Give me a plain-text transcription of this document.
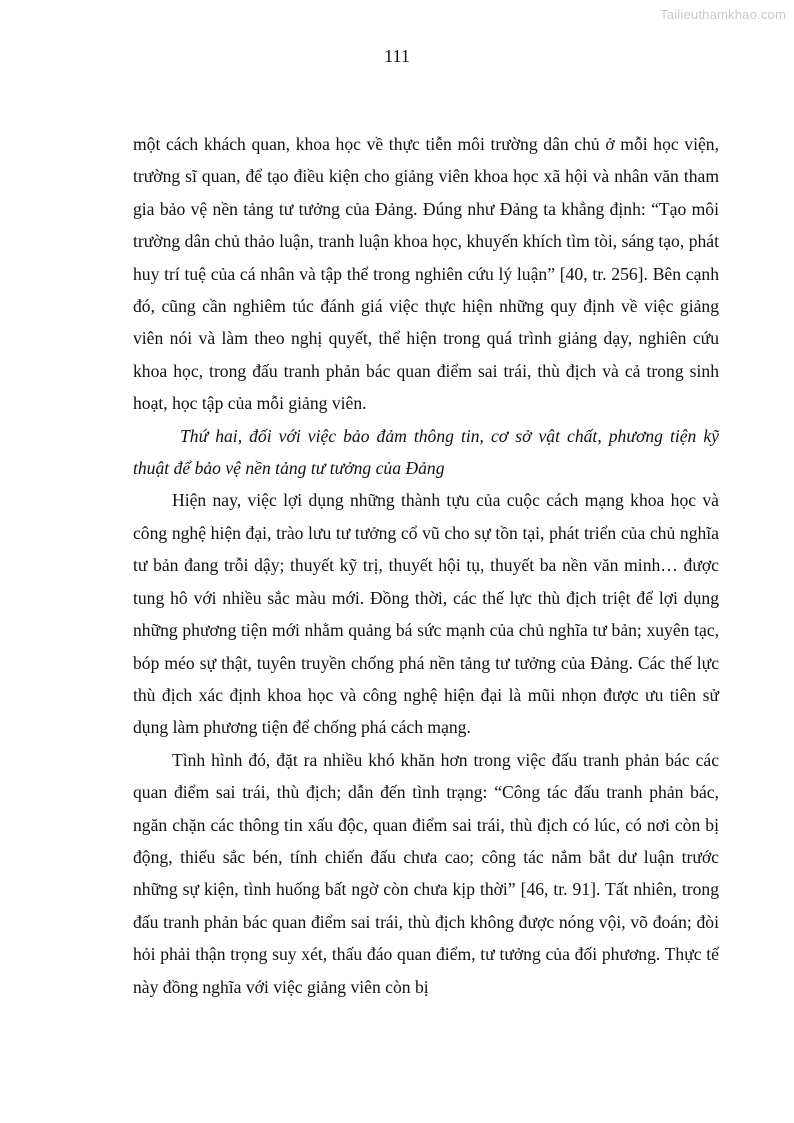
Tailieuthamkhao.com
111

một cách khách quan, khoa học về thực tiễn môi trường dân chủ ở mỗi học viện, trường sĩ quan, để tạo điều kiện cho giảng viên khoa học xã hội và nhân văn tham gia bảo vệ nền tảng tư tưởng của Đảng. Đúng như Đảng ta khẳng định: “Tạo môi trường dân chủ thảo luận, tranh luận khoa học, khuyến khích tìm tòi, sáng tạo, phát huy trí tuệ của cá nhân và tập thể trong nghiên cứu lý luận” [40, tr. 256]. Bên cạnh đó, cũng cần nghiêm túc đánh giá việc thực hiện những quy định về việc giảng viên nói và làm theo nghị quyết, thể hiện trong quá trình giảng dạy, nghiên cứu khoa học, trong đấu tranh phản bác quan điểm sai trái, thù địch và cả trong sinh hoạt, học tập của mỗi giảng viên.

Thứ hai, đối với việc bảo đảm thông tin, cơ sở vật chất, phương tiện kỹ thuật để bảo vệ nền tảng tư tưởng của Đảng

Hiện nay, việc lợi dụng những thành tựu của cuộc cách mạng khoa học và công nghệ hiện đại, trào lưu tư tưởng cổ vũ cho sự tồn tại, phát triển của chủ nghĩa tư bản đang trỗi dậy; thuyết kỹ trị, thuyết hội tụ, thuyết ba nền văn minh… được tung hô với nhiều sắc màu mới. Đồng thời, các thế lực thù địch triệt để lợi dụng những phương tiện mới nhằm quảng bá sức mạnh của chủ nghĩa tư bản; xuyên tạc, bóp méo sự thật, tuyên truyền chống phá nền tảng tư tưởng của Đảng. Các thế lực thù địch xác định khoa học và công nghệ hiện đại là mũi nhọn được ưu tiên sử dụng làm phương tiện để chống phá cách mạng.

Tình hình đó, đặt ra nhiều khó khăn hơn trong việc đấu tranh phản bác các quan điểm sai trái, thù địch; dẫn đến tình trạng: “Công tác đấu tranh phản bác, ngăn chặn các thông tin xấu độc, quan điểm sai trái, thù địch có lúc, có nơi còn bị động, thiếu sắc bén, tính chiến đấu chưa cao; công tác nắm bắt dư luận trước những sự kiện, tình huống bất ngờ còn chưa kịp thời” [46, tr. 91]. Tất nhiên, trong đấu tranh phản bác quan điểm sai trái, thù địch không được nóng vội, võ đoán; đòi hỏi phải thận trọng suy xét, thấu đáo quan điểm, tư tưởng của đối phương. Thực tế này đồng nghĩa với việc giảng viên còn bị
